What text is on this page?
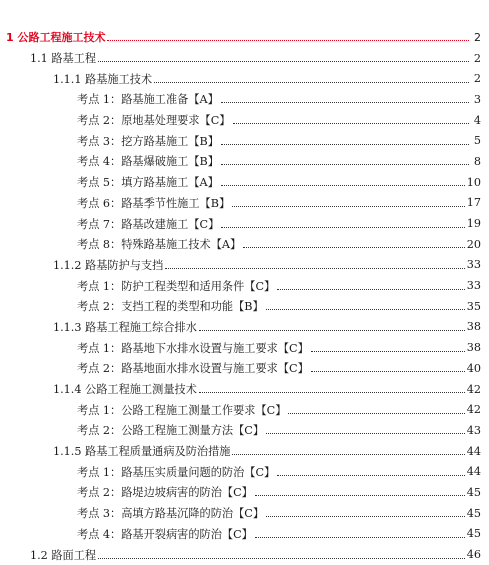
1 公路工程施工技术	2
1.1 路基工程	2
1.1.1 路基施工技术	2
考点 1：路基施工准备【A】	3
考点 2：原地基处理要求【C】	4
考点 3：挖方路基施工【B】	5
考点 4：路基爆破施工【B】	8
考点 5：填方路基施工【A】	10
考点 6：路基季节性施工【B】	17
考点 7：路基改建施工【C】	19
考点 8：特殊路基施工技术【A】	20
1.1.2 路基防护与支挡	33
考点 1：防护工程类型和适用条件【C】	33
考点 2：支挡工程的类型和功能【B】	35
1.1.3 路基工程施工综合排水	38
考点 1：路基地下水排水设置与施工要求【C】	38
考点 2：路基地面水排水设置与施工要求【C】	40
1.1.4 公路工程施工测量技术	42
考点 1：公路工程施工测量工作要求【C】	42
考点 2：公路工程施工测量方法【C】	43
1.1.5 路基工程质量通病及防治措施	44
考点 1：路基压实质量问题的防治【C】	44
考点 2：路堤边坡病害的防治【C】	45
考点 3：高填方路基沉降的防治【C】	45
考点 4：路基开裂病害的防治【C】	45
1.2 路面工程	46
